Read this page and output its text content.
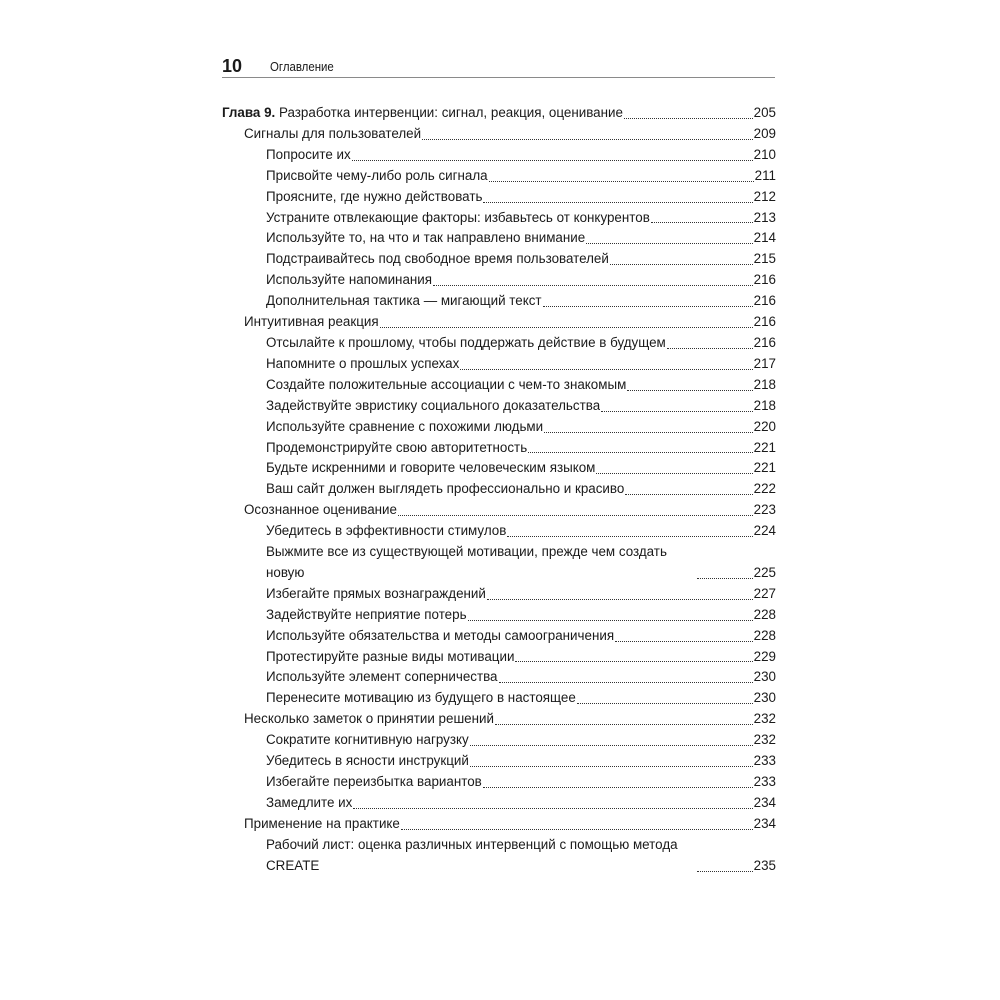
10	Оглавление
Глава 9. Разработка интервенции: сигнал, реакция, оценивание	205
Сигналы для пользователей	209
Попросите их	210
Присвойте чему-либо роль сигнала	211
Проясните, где нужно действовать	212
Устраните отвлекающие факторы: избавьтесь от конкурентов	213
Используйте то, на что и так направлено внимание	214
Подстраивайтесь под свободное время пользователей	215
Используйте напоминания	216
Дополнительная тактика — мигающий текст	216
Интуитивная реакция	216
Отсылайте к прошлому, чтобы поддержать действие в будущем	216
Напомните о прошлых успехах	217
Создайте положительные ассоциации с чем-то знакомым	218
Задействуйте эвристику социального доказательства	218
Используйте сравнение с похожими людьми	220
Продемонстрируйте свою авторитетность	221
Будьте искренними и говорите человеческим языком	221
Ваш сайт должен выглядеть профессионально и красиво	222
Осознанное оценивание	223
Убедитесь в эффективности стимулов	224
Выжмите все из существующей мотивации, прежде чем создать новую	225
Избегайте прямых вознаграждений	227
Задействуйте неприятие потерь	228
Используйте обязательства и методы самоограничения	228
Протестируйте разные виды мотивации	229
Используйте элемент соперничества	230
Перенесите мотивацию из будущего в настоящее	230
Несколько заметок о принятии решений	232
Сократите когнитивную нагрузку	232
Убедитесь в ясности инструкций	233
Избегайте переизбытка вариантов	233
Замедлите их	234
Применение на практике	234
Рабочий лист: оценка различных интервенций с помощью метода CREATE	235
